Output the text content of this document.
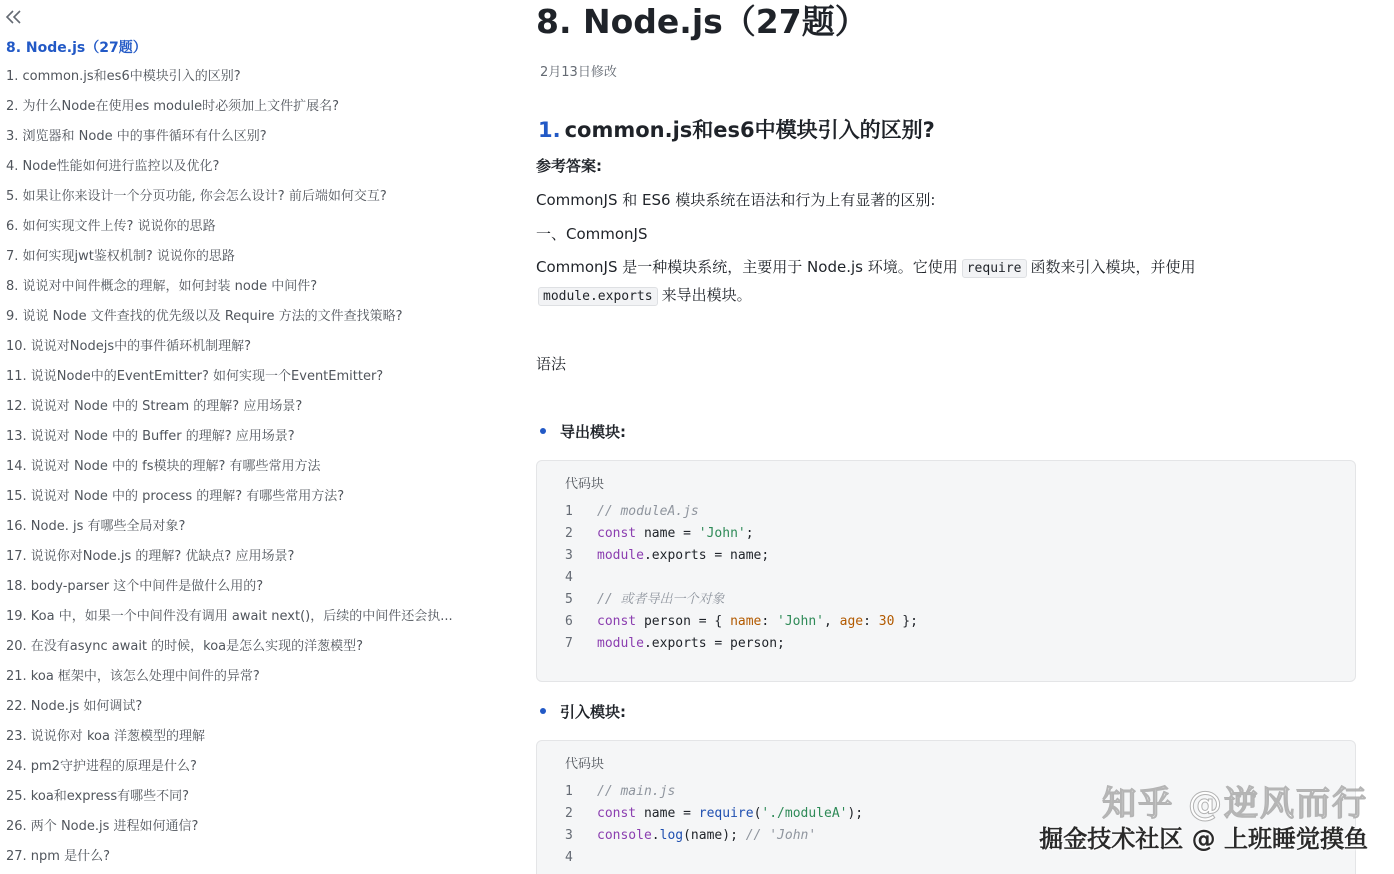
8. Node.js（27题）
1. common.js和es6中模块引入的区别?
2. 为什么Node在使用es module时必须加上文件扩展名?
3. 浏览器和 Node 中的事件循环有什么区别?
4. Node性能如何进行监控以及优化?
5. 如果让你来设计一个分页功能, 你会怎么设计? 前后端如何交互?
6. 如何实现文件上传? 说说你的思路
7. 如何实现jwt鉴权机制? 说说你的思路
8. 说说对中间件概念的理解，如何封装 node 中间件?
9. 说说 Node 文件查找的优先级以及 Require 方法的文件查找策略?
10. 说说对Nodejs中的事件循环机制理解?
11. 说说Node中的EventEmitter? 如何实现一个EventEmitter?
12. 说说对 Node 中的 Stream 的理解? 应用场景?
13. 说说对 Node 中的 Buffer 的理解? 应用场景?
14. 说说对 Node 中的 fs模块的理解? 有哪些常用方法
15. 说说对 Node 中的 process 的理解? 有哪些常用方法?
16. Node. js 有哪些全局对象?
17. 说说你对Node.js 的理解? 优缺点? 应用场景?
18. body-parser 这个中间件是做什么用的?
19. Koa 中，如果一个中间件没有调用 await next()，后续的中间件还会执...
20. 在没有async await 的时候，koa是怎么实现的洋葱模型?
21. koa 框架中，该怎么处理中间件的异常?
22. Node.js 如何调试?
23. 说说你对 koa 洋葱模型的理解
24. pm2守护进程的原理是什么?
25. koa和express有哪些不同?
26. 两个 Node.js 进程如何通信?
27. npm 是什么?
8. Node.js（27题）
2月13日修改
1. common.js和es6中模块引入的区别?
参考答案:
CommonJS 和 ES6 模块系统在语法和行为上有显著的区别:
一、CommonJS
CommonJS 是一种模块系统，主要用于 Node.js 环境。它使用 require 函数来引入模块，并使用
module.exports 来导出模块。
语法
导出模块:
代码块
1 // moduleA.js
2 const name = 'John';
3 module.exports = name;
4
5 // 或者导出一个对象
6 const person = { name: 'John', age: 30 };
7 module.exports = person;
引入模块:
代码块
1 // main.js
2 const name = require('./moduleA');
3 console.log(name); // 'John'
4
知乎 @逆风而行
掘金技术社区 @ 上班睡觉摸鱼
